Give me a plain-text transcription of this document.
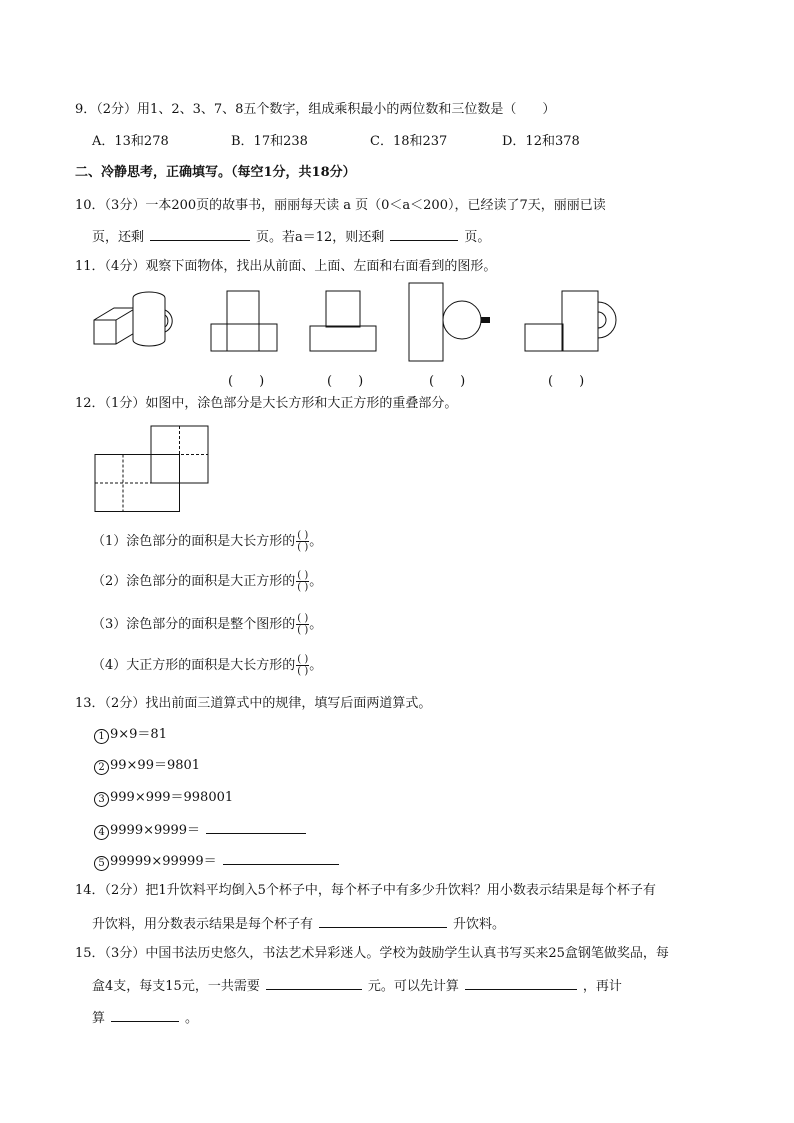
9．（2分）用1、2、3、7、8五个数字，组成乘积最小的两位数和三位数是（　　）
A．13和278	B．17和238	C．18和237	D．12和378
二、冷静思考，正确填写。（每空1分，共18分）
10．（3分）一本200页的故事书，丽丽每天读 a 页（0＜a＜200），已经读了7天，丽丽已读
页，还剩	页。若a＝12，则还剩	页。
11．（4分）观察下面物体，找出从前面、上面、左面和右面看到的图形。
(　　)	(　　)	(　　)	(　　)
12．（1分）如图中，涂色部分是大长方形和大正方形的重叠部分。
（1）涂色部分的面积是大长方形的 $\frac{( )}{( )}$ 。
（2）涂色部分的面积是大正方形的 $\frac{( )}{( )}$ 。
（3）涂色部分的面积是整个图形的 $\frac{( )}{( )}$ 。
（4）大正方形的面积是大长方形的 $\frac{( )}{( )}$ 。
13．（2分）找出前面三道算式中的规律，填写后面两道算式。
1 9×9＝81
2 99×99＝9801
3 999×999＝998001
4 9999×9999＝
5 99999×99999＝
14．（2分）把1升饮料平均倒入5个杯子中，每个杯子中有多少升饮料？用小数表示结果是每个杯子有
升饮料，用分数表示结果是每个杯子有	升饮料。
15．（3分）中国书法历史悠久，书法艺术异彩迷人。学校为鼓励学生认真书写买来25盒钢笔做奖品，每
盒4支，每支15元，一共需要	元。可以先计算	，再计
算	。
